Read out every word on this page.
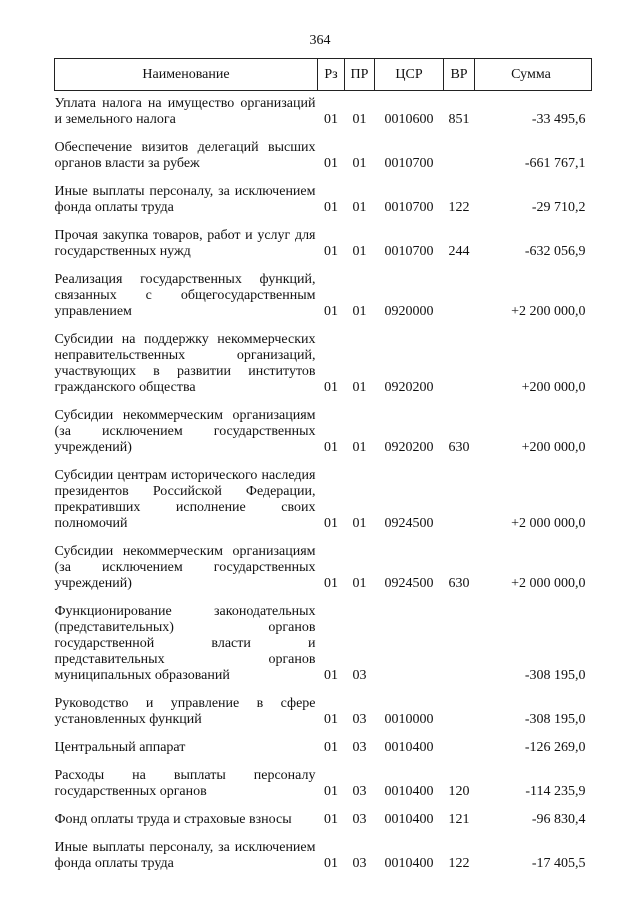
364
Наименование	Рз	ПР	ЦСР	ВР	Сумма
Уплата налога на имущество организаций и земельного налога	01	01	0010600	851	-33 495,6
Обеспечение визитов делегаций высших органов власти за рубеж	01	01	0010700		-661 767,1
Иные выплаты персоналу, за исключением фонда оплаты труда	01	01	0010700	122	-29 710,2
Прочая закупка товаров, работ и услуг для государственных нужд	01	01	0010700	244	-632 056,9
Реализация государственных функций, связанных с общегосударственным управлением	01	01	0920000		+2 200 000,0
Субсидии на поддержку некоммерческих неправительственных организаций, участвующих в развитии институтов гражданского общества	01	01	0920200		+200 000,0
Субсидии некоммерческим организациям (за исключением государственных учреждений)	01	01	0920200	630	+200 000,0
Субсидии центрам исторического наследия президентов Российской Федерации, прекративших исполнение своих полномочий	01	01	0924500		+2 000 000,0
Субсидии некоммерческим организациям (за исключением государственных учреждений)	01	01	0924500	630	+2 000 000,0
Функционирование законодательных (представительных) органов государственной власти и представительных органов муниципальных образований	01	03			-308 195,0
Руководство и управление в сфере установленных функций	01	03	0010000		-308 195,0
Центральный аппарат	01	03	0010400		-126 269,0
Расходы на выплаты персоналу государственных органов	01	03	0010400	120	-114 235,9
Фонд оплаты труда и страховые взносы	01	03	0010400	121	-96 830,4
Иные выплаты персоналу, за исключением фонда оплаты труда	01	03	0010400	122	-17 405,5
